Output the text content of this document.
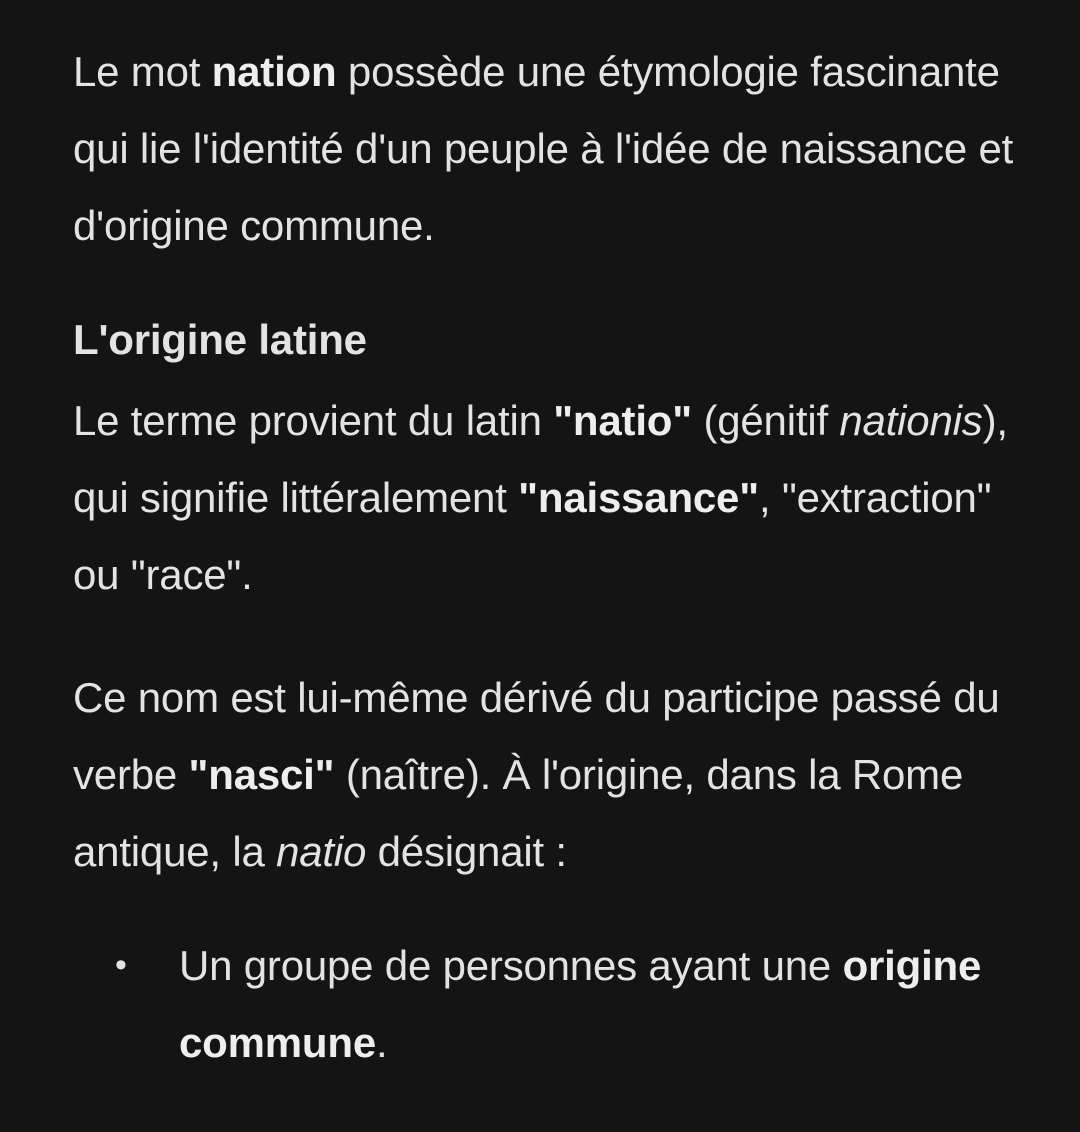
Le mot nation possède une étymologie fascinante qui lie l'identité d'un peuple à l'idée de naissance et d'origine commune.

L'origine latine

Le terme provient du latin "natio" (génitif nationis), qui signifie littéralement "naissance", "extraction" ou "race".

Ce nom est lui-même dérivé du participe passé du verbe "nasci" (naître). À l'origine, dans la Rome antique, la natio désignait :

• Un groupe de personnes ayant une origine commune.
